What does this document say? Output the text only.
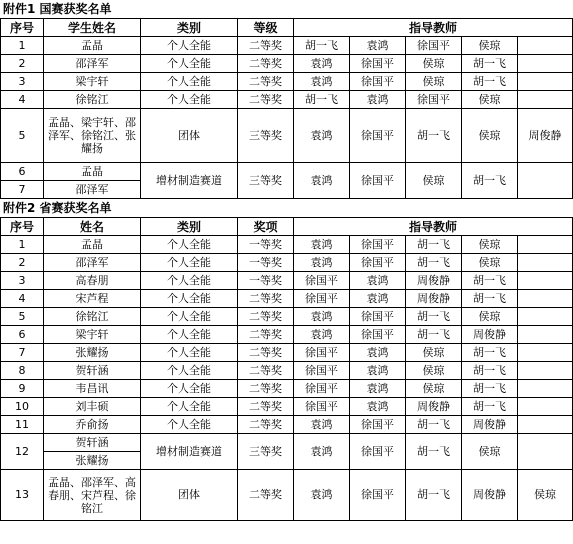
附件1 国赛获奖名单
序号	学生姓名	类别	等级	指导教师				
1	孟晶	个人全能	二等奖	胡一飞	袁鸿	徐国平	侯琼	
2	邵泽军	个人全能	二等奖	袁鸿	徐国平	侯琼	胡一飞	
3	梁宇轩	个人全能	二等奖	袁鸿	徐国平	侯琼	胡一飞	
4	徐铭江	个人全能	二等奖	胡一飞	袁鸿	徐国平	侯琼	
5	孟晶、梁宇轩、邵泽军、徐铭江、张耀扬	团体	三等奖	袁鸿	徐国平	胡一飞	侯琼	周俊静
6	孟晶	增材制造赛道	三等奖	袁鸿	徐国平	侯琼	胡一飞	
7	邵泽军							
附件2 省赛获奖名单
序号	姓名	类别	奖项	指导教师				
1	孟晶	个人全能	一等奖	袁鸿	徐国平	胡一飞	侯琼	
2	邵泽军	个人全能	一等奖	袁鸿	徐国平	胡一飞	侯琼	
3	高春朋	个人全能	一等奖	徐国平	袁鸿	周俊静	胡一飞	
4	宋芦程	个人全能	二等奖	徐国平	袁鸿	周俊静	胡一飞	
5	徐铭江	个人全能	二等奖	袁鸿	徐国平	胡一飞	侯琼	
6	梁宇轩	个人全能	二等奖	袁鸿	徐国平	胡一飞	周俊静	
7	张耀扬	个人全能	二等奖	徐国平	袁鸿	侯琼	胡一飞	
8	贺轩涵	个人全能	二等奖	徐国平	袁鸿	侯琼	胡一飞	
9	韦昌讯	个人全能	二等奖	徐国平	袁鸿	侯琼	胡一飞	
10	刘丰硕	个人全能	二等奖	徐国平	袁鸿	周俊静	胡一飞	
11	乔俞扬	个人全能	二等奖	袁鸿	徐国平	胡一飞	周俊静	
12	贺轩涵	增材制造赛道	三等奖	袁鸿	徐国平	胡一飞	侯琼	
	张耀扬							
13	孟晶、邵泽军、高春朋、宋芦程、徐铭江	团体	二等奖	袁鸿	徐国平	胡一飞	周俊静	侯琼
